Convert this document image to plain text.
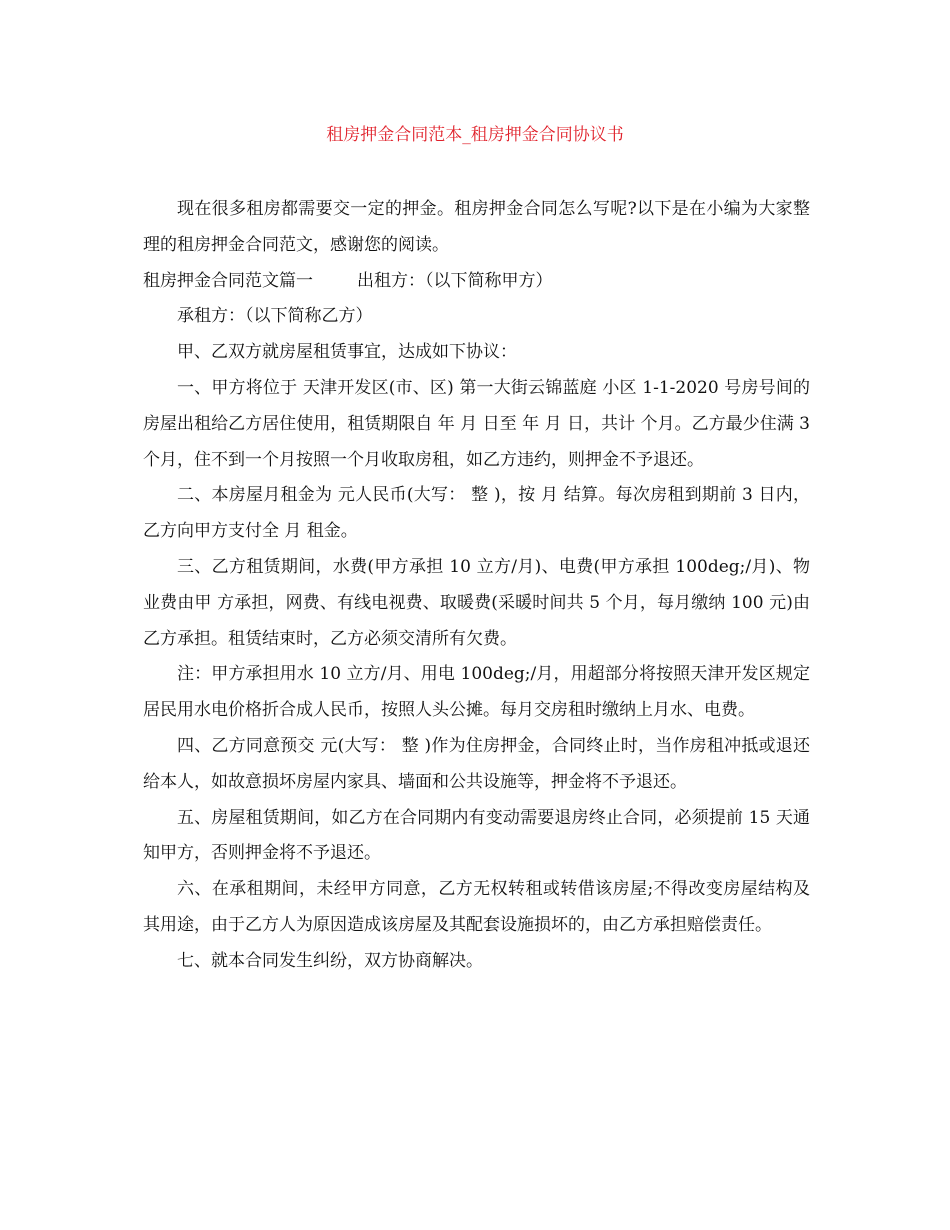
租房押金合同范本_租房押金合同协议书

现在很多租房都需要交一定的押金。租房押金合同怎么写呢?以下是在小编为大家整理的租房押金合同范文，感谢您的阅读。

租房押金合同范文篇一	出租方：（以下简称甲方）

承租方：（以下简称乙方）

甲、乙双方就房屋租赁事宜，达成如下协议：

一、甲方将位于 天津开发区(市、区) 第一大街云锦蓝庭 小区 1-1-2020 号房号间的房屋出租给乙方居住使用，租赁期限自 年 月 日至 年 月 日，共计 个月。乙方最少住满 3 个月，住不到一个月按照一个月收取房租，如乙方违约，则押金不予退还。

二、本房屋月租金为 元人民币(大写： 整 )，按 月 结算。每次房租到期前 3 日内，乙方向甲方支付全 月 租金。

三、乙方租赁期间，水费(甲方承担 10 立方/月)、电费(甲方承担 100deg;/月)、物业费由甲 方承担，网费、有线电视费、取暖费(采暖时间共 5 个月，每月缴纳 100 元)由乙方承担。租赁结束时，乙方必须交清所有欠费。

注：甲方承担用水 10 立方/月、用电 100deg;/月，用超部分将按照天津开发区规定居民用水电价格折合成人民币，按照人头公摊。每月交房租时缴纳上月水、电费。

四、乙方同意预交 元(大写： 整 )作为住房押金，合同终止时，当作房租冲抵或退还给本人，如故意损坏房屋内家具、墙面和公共设施等，押金将不予退还。

五、房屋租赁期间，如乙方在合同期内有变动需要退房终止合同，必须提前 15 天通知甲方，否则押金将不予退还。

六、在承租期间，未经甲方同意，乙方无权转租或转借该房屋;不得改变房屋结构及其用途，由于乙方人为原因造成该房屋及其配套设施损坏的，由乙方承担赔偿责任。

七、就本合同发生纠纷，双方协商解决。
